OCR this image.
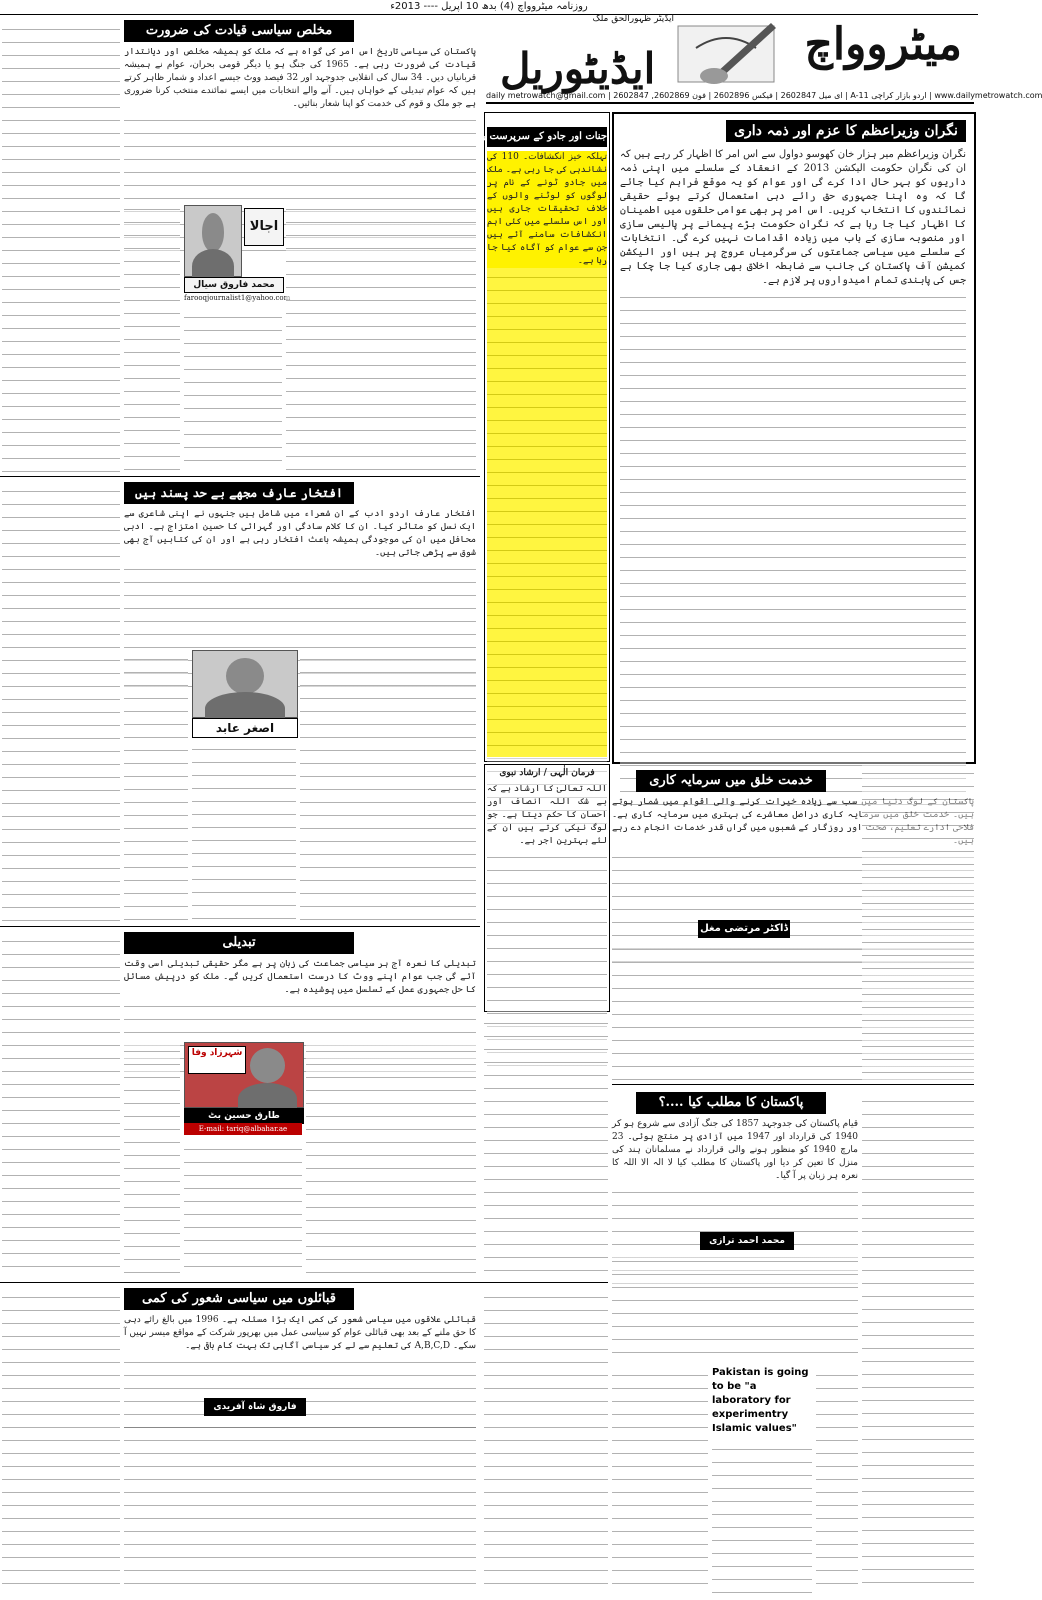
روزنامہ میٹروواچ (4) بدھ 10 اپریل ---- 2013ء
ایڈیٹر ظہورالحق ملک	میٹروواچ
ایڈیٹوریل
daily metrowatch@gmail.com | ای میل 2602847 | فیکس 2602896 | فون 2602869, 2602847 | A-11 اردو بازار کراچی | www.dailymetrowatch.com
نگران وزیراعظم کا عزم اور ذمہ داری
نگران وزیراعظم میر ہزار خان کھوسو دواول سے اس امر کا اظہار کر رہے ہیں کہ ان کی نگران حکومت الیکشن 2013 کے انعقاد کے سلسلے میں اپنی ذمہ داریوں کو بہر حال ادا کرے گی اور عوام کو یہ موقع فراہم کیا جائے گا کہ وہ اپنا جمہوری حق رائے دہی استعمال کرتے ہوئے حقیقی نمائندوں کا انتخاب کریں۔ اس امر پر بھی عوامی حلقوں میں اطمینان کا اظہار کیا جا رہا ہے کہ نگران حکومت بڑے پیمانے پر پالیسی سازی اور منصوبہ سازی کے باب میں زیادہ اقدامات نہیں کرے گی۔ انتخابات کے سلسلے میں سیاسی جماعتوں کی سرگرمیاں عروج پر ہیں اور الیکشن کمیشن آف پاکستان کی جانب سے ضابطہ اخلاق بھی جاری کیا جا چکا ہے جس کی پابندی تمام امیدواروں پر لازم ہے۔
جنات اور جادو کے سرپرست را
تہلکہ خیز انکشافات۔ 110 کی نشاندہی کی جا رہی ہے۔ ملک میں جادو ٹونے کے نام پر لوگوں کو لوٹنے والوں کے خلاف تحقیقات جاری ہیں اور اس سلسلے میں کئی اہم انکشافات سامنے آئے ہیں جن سے عوام کو آگاہ کیا جا رہا ہے۔
مخلص سیاسی قیادت کی ضرورت
پاکستان کی سیاسی تاریخ اس امر کی گواہ ہے کہ ملک کو ہمیشہ مخلص اور دیانتدار قیادت کی ضرورت رہی ہے۔ 1965 کی جنگ ہو یا دیگر قومی بحران، عوام نے ہمیشہ قربانیاں دیں۔ 34 سال کی انقلابی جدوجہد اور 32 فیصد ووٹ جیسے اعداد و شمار ظاہر کرتے ہیں کہ عوام تبدیلی کے خواہاں ہیں۔ آنے والے انتخابات میں ایسے نمائندے منتخب کرنا ضروری ہے جو ملک و قوم کی خدمت کو اپنا شعار بنائیں۔
اجالا
محمد فاروق سیال
farooqjournalist1@yahoo.com
افتخار عارف مجھے بے حد پسند ہیں
افتخار عارف اردو ادب کے ان شعراء میں شامل ہیں جنہوں نے اپنی شاعری سے ایک نسل کو متاثر کیا۔ ان کا کلام سادگی اور گہرائی کا حسین امتزاج ہے۔ ادبی محافل میں ان کی موجودگی ہمیشہ باعث افتخار رہی ہے اور ان کی کتابیں آج بھی شوق سے پڑھی جاتی ہیں۔
اصغر عابد
فرمان الٰہی / ارشاد نبوی
اللہ تعالیٰ کا ارشاد ہے کہ بے شک اللہ انصاف اور احسان کا حکم دیتا ہے۔ جو لوگ نیکی کرتے ہیں ان کے لئے بہترین اجر ہے۔
خدمت خلق میں سرمایہ کاری
پاکستان کے لوگ دنیا میں سب سے زیادہ خیرات کرنے والی اقوام میں شمار ہوتے ہیں۔ خدمت خلق میں سرمایہ کاری دراصل معاشرے کی بہتری میں سرمایہ کاری ہے۔ فلاحی ادارے تعلیم، صحت اور روزگار کے شعبوں میں گراں قدر خدمات انجام دے رہے ہیں۔
ڈاکٹر مرتضی مغل
تبدیلی
تبدیلی کا نعرہ آج ہر سیاسی جماعت کی زبان پر ہے مگر حقیقی تبدیلی اسی وقت آئے گی جب عوام اپنے ووٹ کا درست استعمال کریں گے۔ ملک کو درپیش مسائل کا حل جمہوری عمل کے تسلسل میں پوشیدہ ہے۔
شہرزاد وفا
طارق حسین بٹ
E-mail: tariq@albahar.ae
پاکستان کا مطلب کیا ....؟
قیام پاکستان کی جدوجہد 1857 کی جنگ آزادی سے شروع ہو کر 1940 کی قرارداد اور 1947 میں آزادی پر منتج ہوئی۔ 23 مارچ 1940 کو منظور ہونے والی قرارداد نے مسلمانان ہند کی منزل کا تعین کر دیا اور پاکستان کا مطلب کیا لا الہ الا اللہ کا نعرہ ہر زبان پر آ گیا۔
محمد احمد ترازی
Pakistan is going to be "a laboratory for experimentry Islamic values"
قبائلوں میں سیاسی شعور کی کمی
قبائلی علاقوں میں سیاسی شعور کی کمی ایک بڑا مسئلہ ہے۔ 1996 میں بالغ رائے دہی کا حق ملنے کے بعد بھی قبائلی عوام کو سیاسی عمل میں بھرپور شرکت کے مواقع میسر نہیں آ سکے۔ A,B,C,D کی تعلیم سے لے کر سیاسی آگاہی تک بہت کام باقی ہے۔
فاروق شاہ آفریدی
